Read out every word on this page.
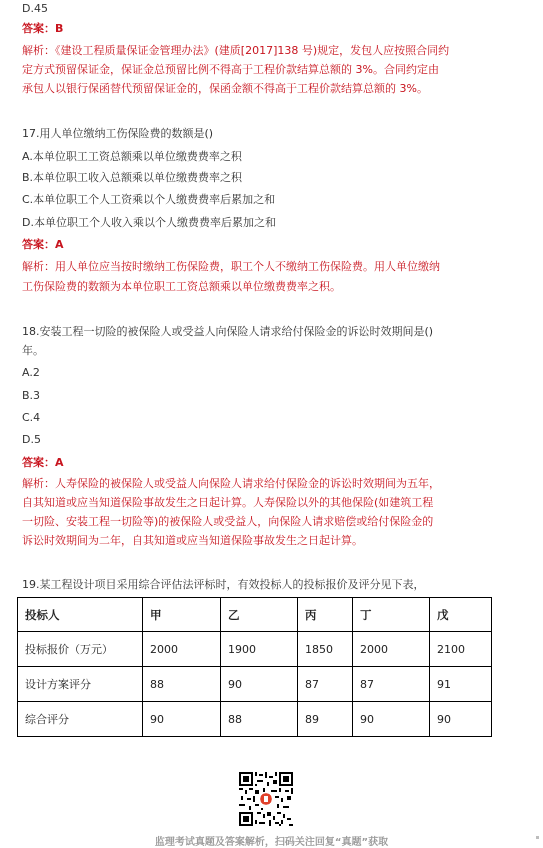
D.45
答案：B
解析：《建设工程质量保证金管理办法》(建质[2017]138 号)规定，发包人应按照合同约
定方式预留保证金，保证金总预留比例不得高于工程价款结算总额的 3%。合同约定由
承包人以银行保函替代预留保证金的，保函金额不得高于工程价款结算总额的 3%。
17.用人单位缴纳工伤保险费的数额是()
A.本单位职工工资总额乘以单位缴费费率之积
B.本单位职工收入总额乘以单位缴费费率之积
C.本单位职工个人工资乘以个人缴费费率后累加之和
D.本单位职工个人收入乘以个人缴费费率后累加之和
答案：A
解析：用人单位应当按时缴纳工伤保险费，职工个人不缴纳工伤保险费。用人单位缴纳
工伤保险费的数额为本单位职工工资总额乘以单位缴费费率之积。
18.安装工程一切险的被保险人或受益人向保险人请求给付保险金的诉讼时效期间是()
年。
A.2
B.3
C.4
D.5
答案：A
解析：人寿保险的被保险人或受益人向保险人请求给付保险金的诉讼时效期间为五年，
自其知道或应当知道保险事故发生之日起计算。人寿保险以外的其他保险(如建筑工程
一切险、安装工程一切险等)的被保险人或受益人，向保险人请求赔偿或给付保险金的
诉讼时效期间为二年，自其知道或应当知道保险事故发生之日起计算。
19.某工程设计项目采用综合评估法评标时，有效投标人的投标报价及评分见下表，
投标人	甲	乙	丙	丁	戊
投标报价（万元）	2000	1900	1850	2000	2100
设计方案评分	88	90	87	87	91
综合评分	90	88	89	90	90
监理考试真题及答案解析，扫码关注回复“真题”获取
